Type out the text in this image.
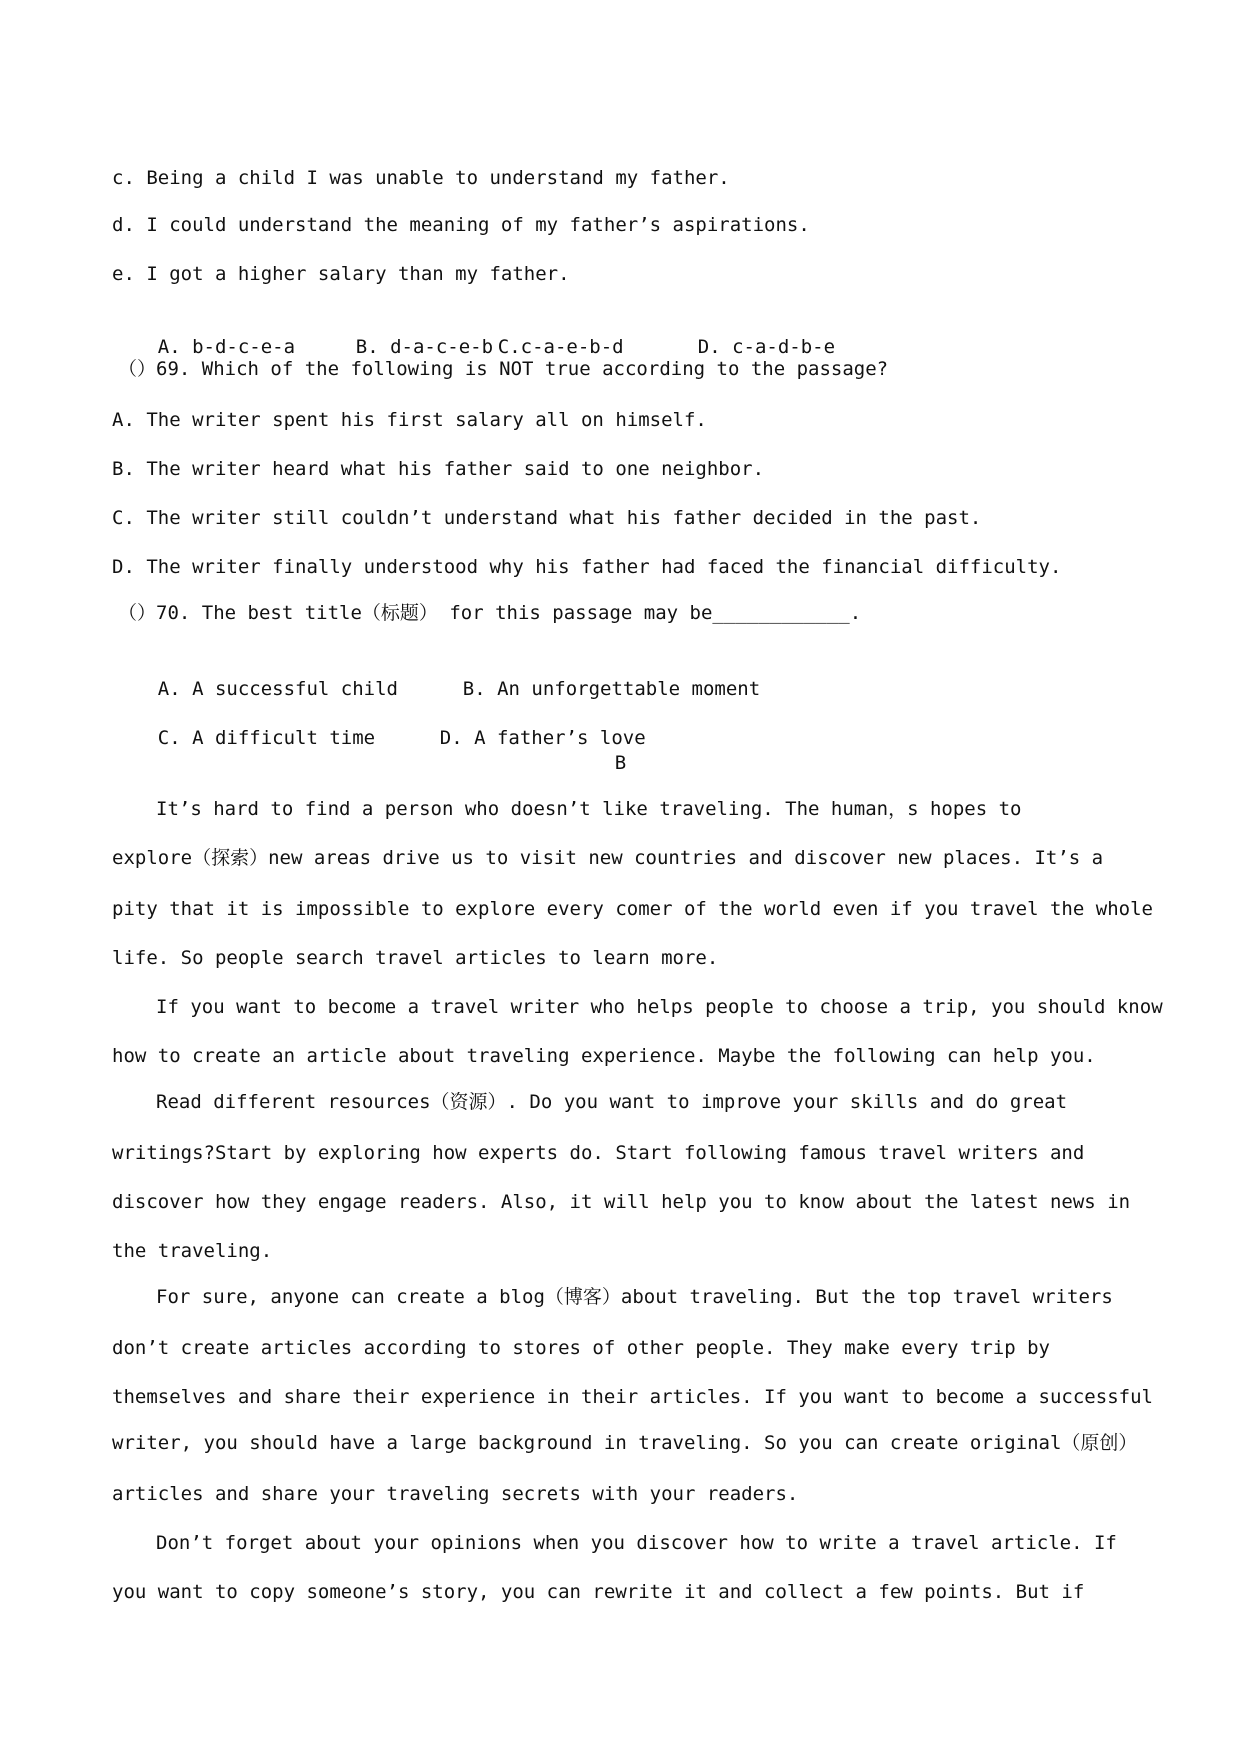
c. Being a child I was unable to understand my father.
d. I could understand the meaning of my father’s aspirations.
e. I got a higher salary than my father.

A. b-d-c-e-a	B. d-a-c-e-b C.c-a-e-b-d	D. c-a-d-b-e

（）69. Which of the following is NOT true according to the passage?
A. The writer spent his first salary all on himself.
B. The writer heard what his father said to one neighbor.
C. The writer still couldn’t understand what his father decided in the past.
D. The writer finally understood why his father had faced the financial difficulty.
（）70. The best title（标题） for this passage may be____________.

A. A successful child	B. An unforgettable moment

C. A difficult time	D. A father’s love

B
It’s hard to find a person who doesn’t like traveling. The human，s hopes to
explore（探索）new areas drive us to visit new countries and discover new places. It’s a
pity that it is impossible to explore every comer of the world even if you travel the whole
life. So people search travel articles to learn more.
If you want to become a travel writer who helps people to choose a trip, you should know
how to create an article about traveling experience. Maybe the following can help you.
Read different resources（资源）. Do you want to improve your skills and do great
writings?Start by exploring how experts do. Start following famous travel writers and
discover how they engage readers. Also, it will help you to know about the latest news in
the traveling.
For sure, anyone can create a blog（博客）about traveling. But the top travel writers
don’t create articles according to stores of other people. They make every trip by
themselves and share their experience in their articles. If you want to become a successful
writer, you should have a large background in traveling. So you can create original（原创）
articles and share your traveling secrets with your readers.
Don’t forget about your opinions when you discover how to write a travel article. If
you want to copy someone’s story, you can rewrite it and collect a few points. But if
